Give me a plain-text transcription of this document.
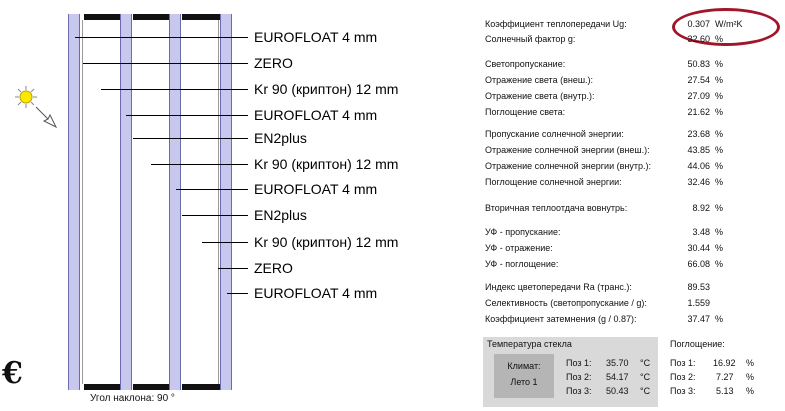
EUROFLOAT 4 mm
ZERO
Kr 90 (криптон) 12 mm
EUROFLOAT 4 mm
EN2plus
Kr 90 (криптон) 12 mm
EUROFLOAT 4 mm
EN2plus
Kr 90 (криптон) 12 mm
ZERO
EUROFLOAT 4 mm
Угол наклона: 90 °
€
Коэффициент теплопередачи Ug:	0.307 W/m²K
Солнечный фактор g:	32.60 %
Светопропускание:	50.83 %
Отражение света (внеш.):	27.54 %
Отражение света (внутр.):	27.09 %
Поглощение света:	21.62 %
Пропускание солнечной энергии:	23.68 %
Отражение солнечной энергии (внеш.):	43.85 %
Отражение солнечной энергии (внутр.):	44.06 %
Поглощение солнечной энергии:	32.46 %
Вторичная теплоотдача вовнутрь:	8.92 %
УФ - пропускание:	3.48 %
УФ - отражение:	30.44 %
УФ - поглощение:	66.08 %
Индекс цветопередачи Ra (транс.):	89.53
Селективность (светопропускание / g):	1.559
Коэффициент затемнения (g / 0.87):	37.47 %
Температура стекла
Климат:
Лето 1
Поз 1: 35.70 °C
Поз 2: 54.17 °C
Поз 3: 50.43 °C
Поглощение:
Поз 1: 16.92 %
Поз 2: 7.27 %
Поз 3: 5.13 %
